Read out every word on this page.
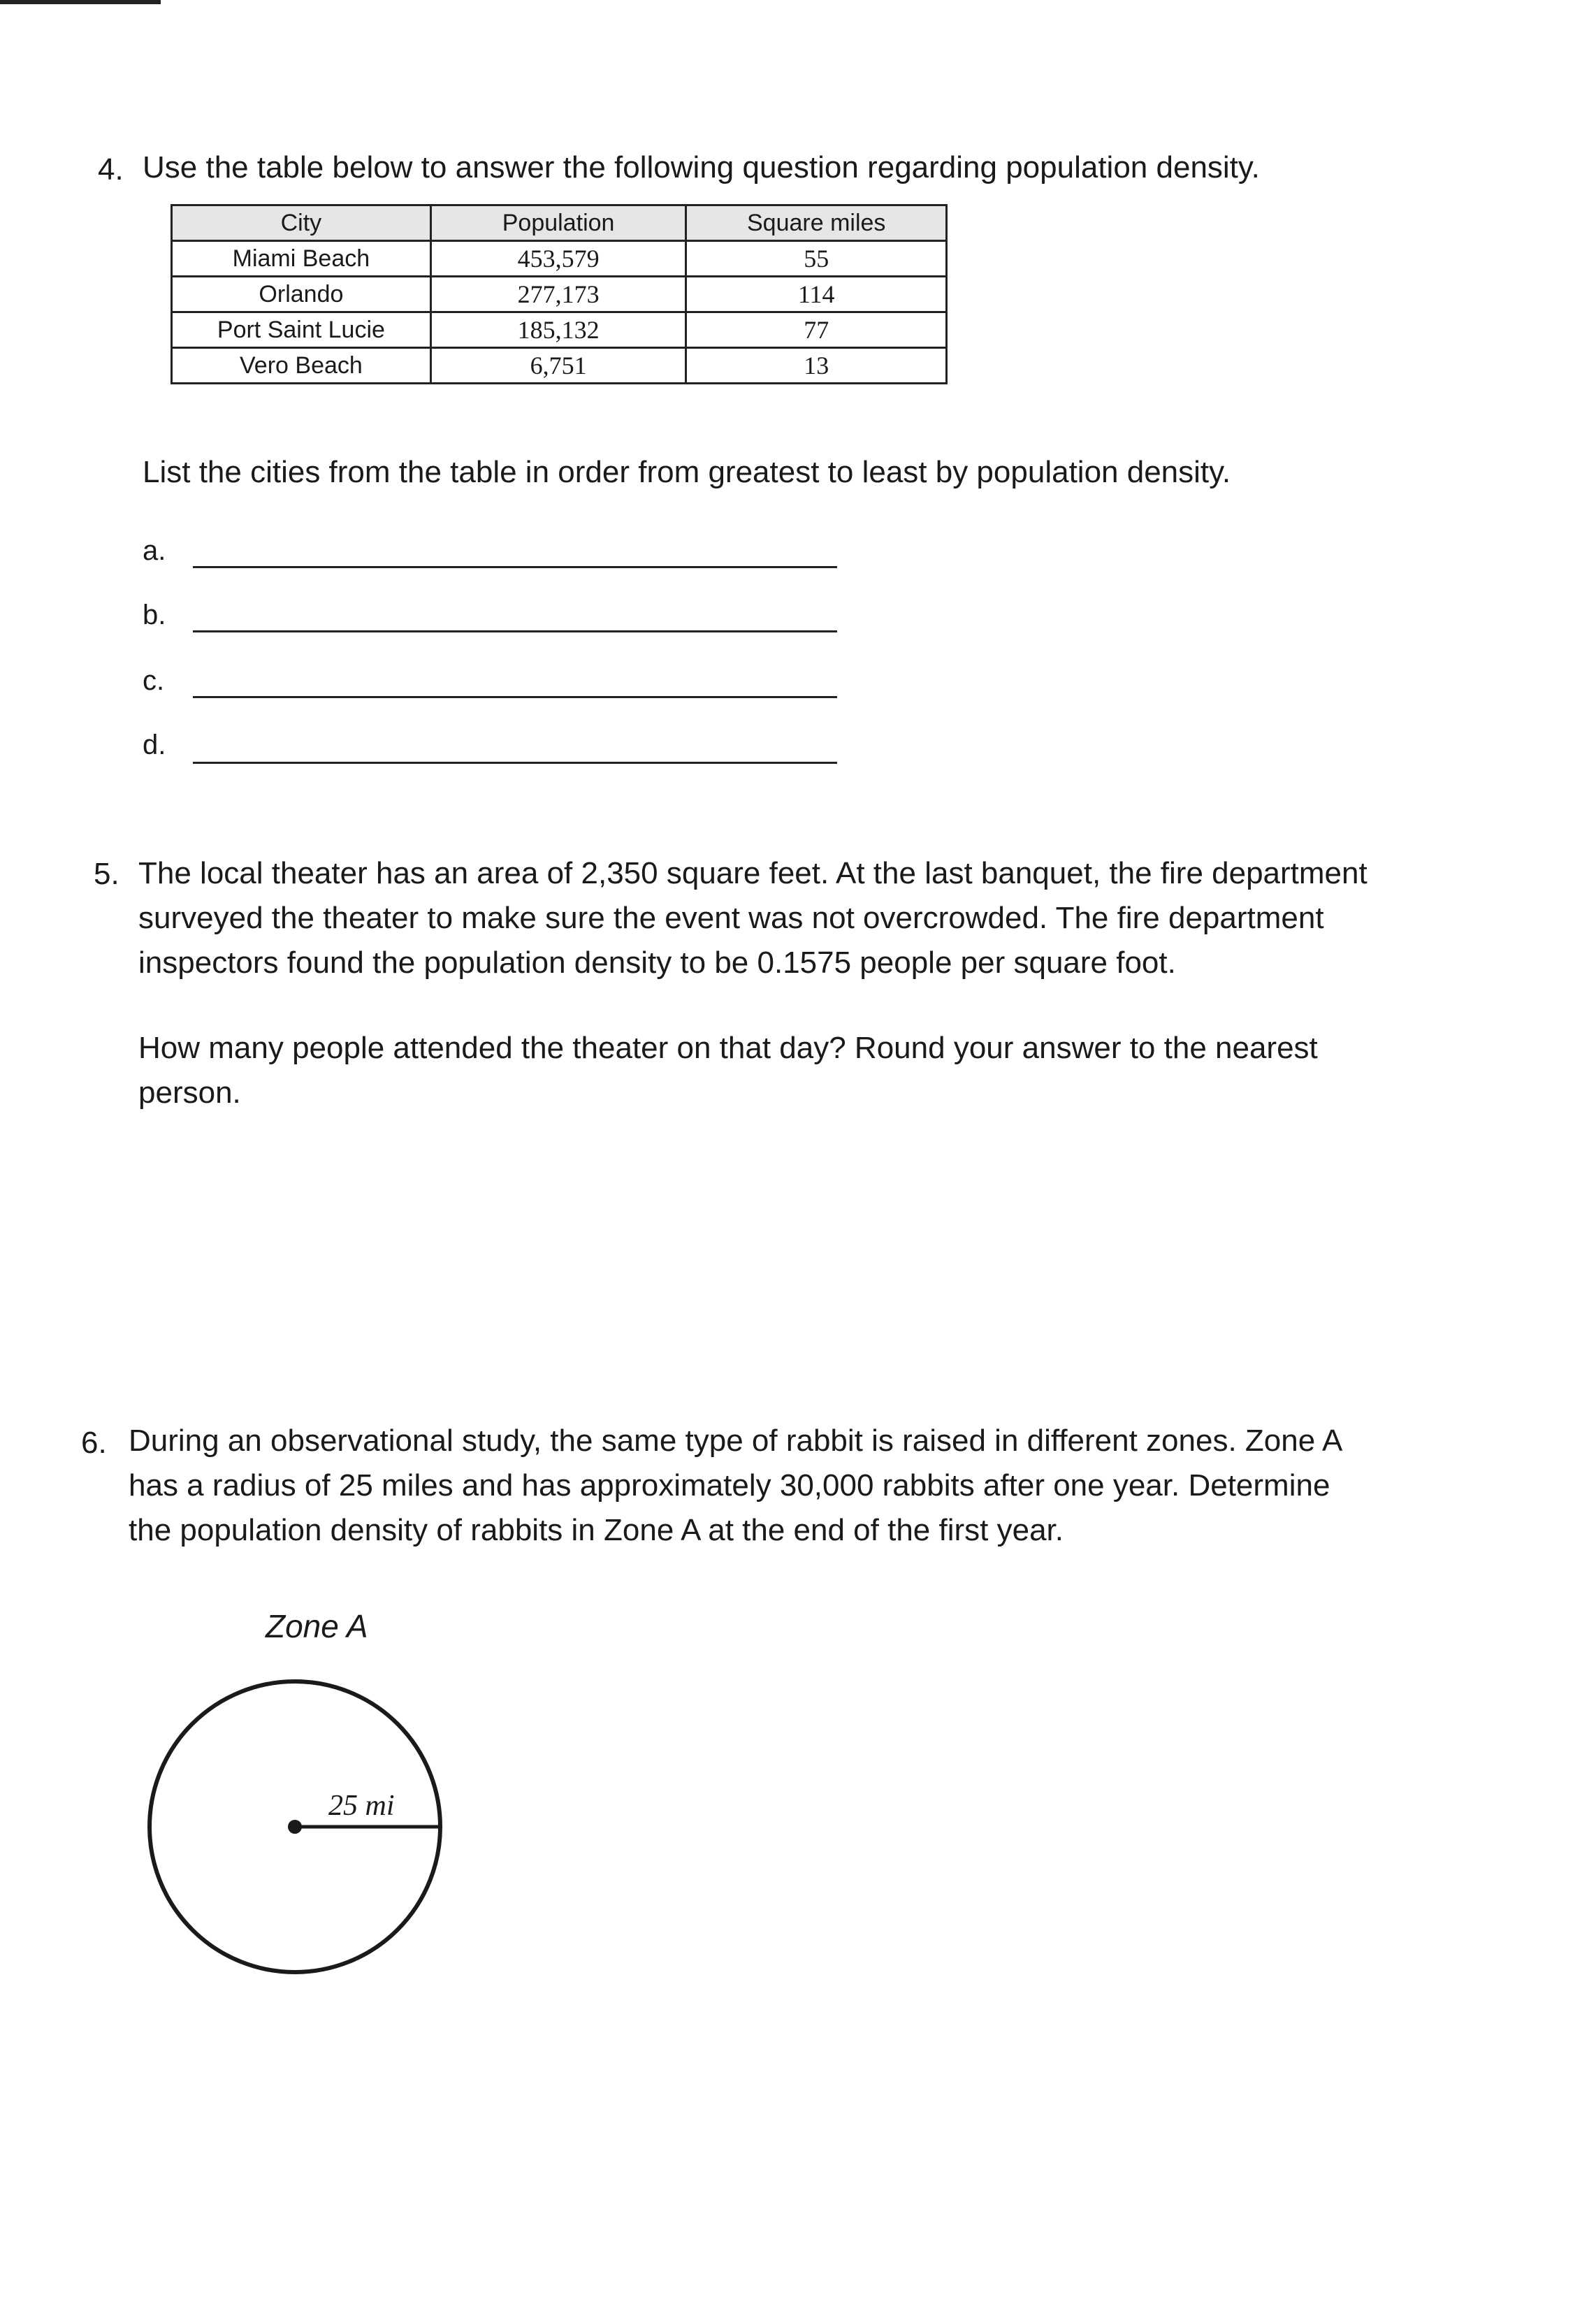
4. Use the table below to answer the following question regarding population density.
City	Population	Square miles
Miami Beach	453,579	55
Orlando	277,173	114
Port Saint Lucie	185,132	77
Vero Beach	6,751	13
List the cities from the table in order from greatest to least by population density.
a.
b.
c.
d.
5. The local theater has an area of 2,350 square feet. At the last banquet, the fire department
surveyed the theater to make sure the event was not overcrowded. The fire department
inspectors found the population density to be 0.1575 people per square foot.
How many people attended the theater on that day? Round your answer to the nearest
person.
6. During an observational study, the same type of rabbit is raised in different zones. Zone A
has a radius of 25 miles and has approximately 30,000 rabbits after one year. Determine
the population density of rabbits in Zone A at the end of the first year.
Zone A
25 mi
